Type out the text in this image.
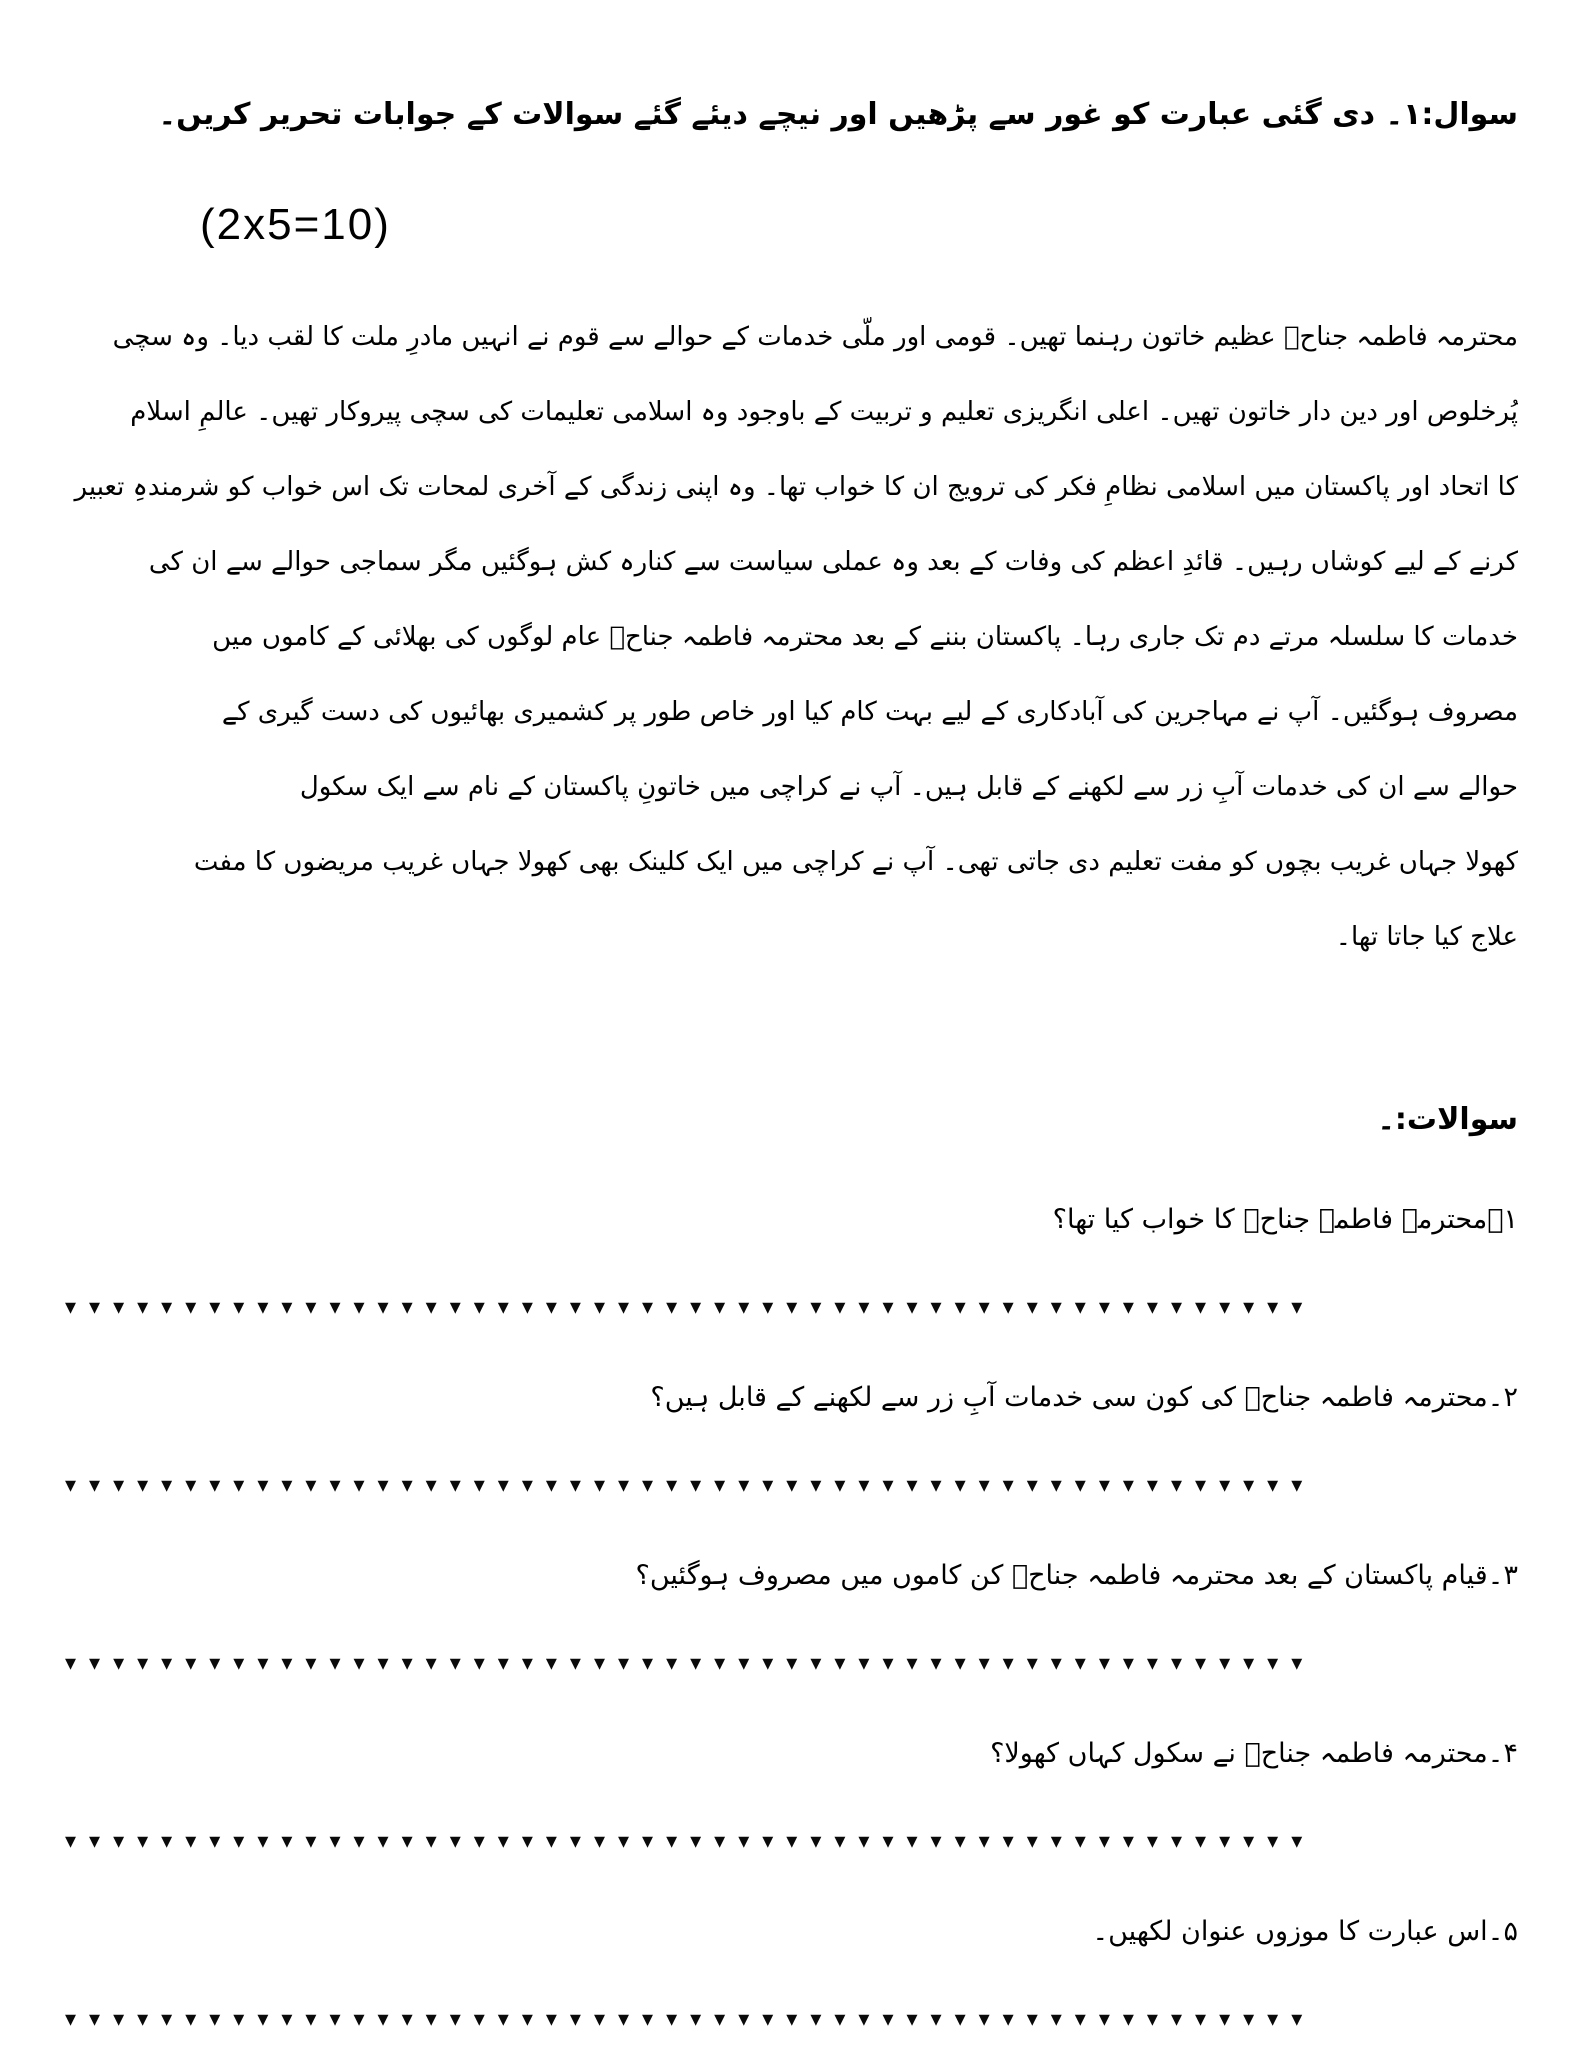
سوال:۱۔ دی گئی عبارت کو غور سے پڑھیں اور نیچے دیئے گئے سوالات کے جوابات تحریر کریں۔
(2x5=10)
محترمہ فاطمہ جناحؒ عظیم خاتون رہنما تھیں۔ قومی اور ملّی خدمات کے حوالے سے قوم نے انہیں مادرِ ملت کا لقب دیا۔ وہ سچی
پُرخلوص اور دین دار خاتون تھیں۔ اعلی انگریزی تعلیم و تربیت کے باوجود وہ اسلامی تعلیمات کی سچی پیروکار تھیں۔ عالمِ اسلام
کا اتحاد اور پاکستان میں اسلامی نظامِ فکر کی ترویج ان کا خواب تھا۔ وہ اپنی زندگی کے آخری لمحات تک اس خواب کو شرمندہِ تعبیر
کرنے کے لیے کوشاں رہیں۔ قائدِ اعظم کی وفات کے بعد وہ عملی سیاست سے کنارہ کش ہوگئیں مگر سماجی حوالے سے ان کی
خدمات کا سلسلہ مرتے دم تک جاری رہا۔ پاکستان بننے کے بعد محترمہ فاطمہ جناحؒ عام لوگوں کی بھلائی کے کاموں میں
مصروف ہوگئیں۔ آپ نے مہاجرین کی آبادکاری کے لیے بہت کام کیا اور خاص طور پر کشمیری بھائیوں کی دست گیری کے
حوالے سے ان کی خدمات آبِ زر سے لکھنے کے قابل ہیں۔ آپ نے کراچی میں خاتونِ پاکستان کے نام سے ایک سکول
کھولا جہاں غریب بچوں کو مفت تعلیم دی جاتی تھی۔ آپ نے کراچی میں ایک کلینک بھی کھولا جہاں غریب مریضوں کا مفت
علاج کیا جاتا تھا۔
سوالات:۔
۱۔محترمہ فاطمہ جناحؒ کا خواب کیا تھا؟
▾▾▾▾▾▾▾▾▾▾▾▾▾▾▾▾▾▾▾▾▾▾▾▾▾▾▾▾▾▾▾▾▾▾▾▾▾▾▾▾▾▾▾▾▾▾▾▾▾▾▾▾
۲۔محترمہ فاطمہ جناحؒ کی کون سی خدمات آبِ زر سے لکھنے کے قابل ہیں؟
▾▾▾▾▾▾▾▾▾▾▾▾▾▾▾▾▾▾▾▾▾▾▾▾▾▾▾▾▾▾▾▾▾▾▾▾▾▾▾▾▾▾▾▾▾▾▾▾▾▾▾▾
۳۔قیام پاکستان کے بعد محترمہ فاطمہ جناحؒ کن کاموں میں مصروف ہوگئیں؟
▾▾▾▾▾▾▾▾▾▾▾▾▾▾▾▾▾▾▾▾▾▾▾▾▾▾▾▾▾▾▾▾▾▾▾▾▾▾▾▾▾▾▾▾▾▾▾▾▾▾▾▾
۴۔محترمہ فاطمہ جناحؒ نے سکول کہاں کھولا؟
▾▾▾▾▾▾▾▾▾▾▾▾▾▾▾▾▾▾▾▾▾▾▾▾▾▾▾▾▾▾▾▾▾▾▾▾▾▾▾▾▾▾▾▾▾▾▾▾▾▾▾▾
۵۔اس عبارت کا موزوں عنوان لکھیں۔
▾▾▾▾▾▾▾▾▾▾▾▾▾▾▾▾▾▾▾▾▾▾▾▾▾▾▾▾▾▾▾▾▾▾▾▾▾▾▾▾▾▾▾▾▾▾▾▾▾▾▾▾
